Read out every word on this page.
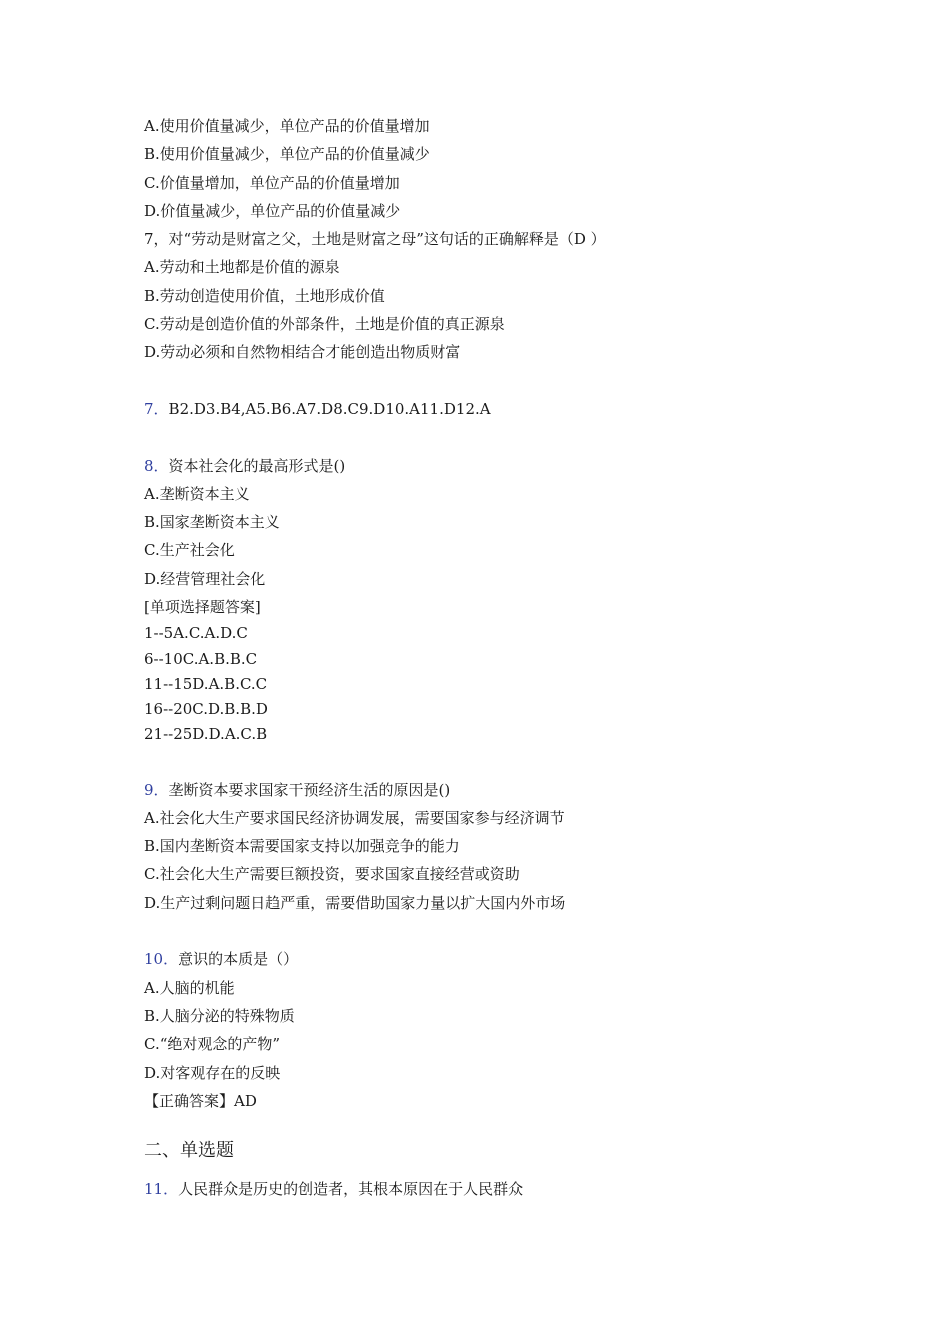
A.使用价值量减少，单位产品的价值量增加
B.使用价值量减少，单位产品的价值量减少
C.价值量增加，单位产品的价值量增加
D.价值量减少，单位产品的价值量减少
7，对“劳动是财富之父，土地是财富之母”这句话的正确解释是（D ）
A.劳动和土地都是价值的源泉
B.劳动创造使用价值，土地形成价值
C.劳动是创造价值的外部条件，土地是价值的真正源泉
D.劳动必须和自然物相结合才能创造出物质财富
7．B2.D3.B4,A5.B6.A7.D8.C9.D10.A11.D12.A
8．资本社会化的最高形式是()
A.垄断资本主义
B.国家垄断资本主义
C.生产社会化
D.经营管理社会化
[单项选择题答案]
1--5A.C.A.D.C
6--10C.A.B.B.C
11--15D.A.B.C.C
16--20C.D.B.B.D
21--25D.D.A.C.B
9．垄断资本要求国家干预经济生活的原因是()
A.社会化大生产要求国民经济协调发展，需要国家参与经济调节
B.国内垄断资本需要国家支持以加强竞争的能力
C.社会化大生产需要巨额投资，要求国家直接经营或资助
D.生产过剩问题日趋严重，需要借助国家力量以扩大国内外市场
10．意识的本质是（）
A.人脑的机能
B.人脑分泌的特殊物质
C.“绝对观念的产物”
D.对客观存在的反映
【正确答案】AD
二、单选题
11．人民群众是历史的创造者，其根本原因在于人民群众
